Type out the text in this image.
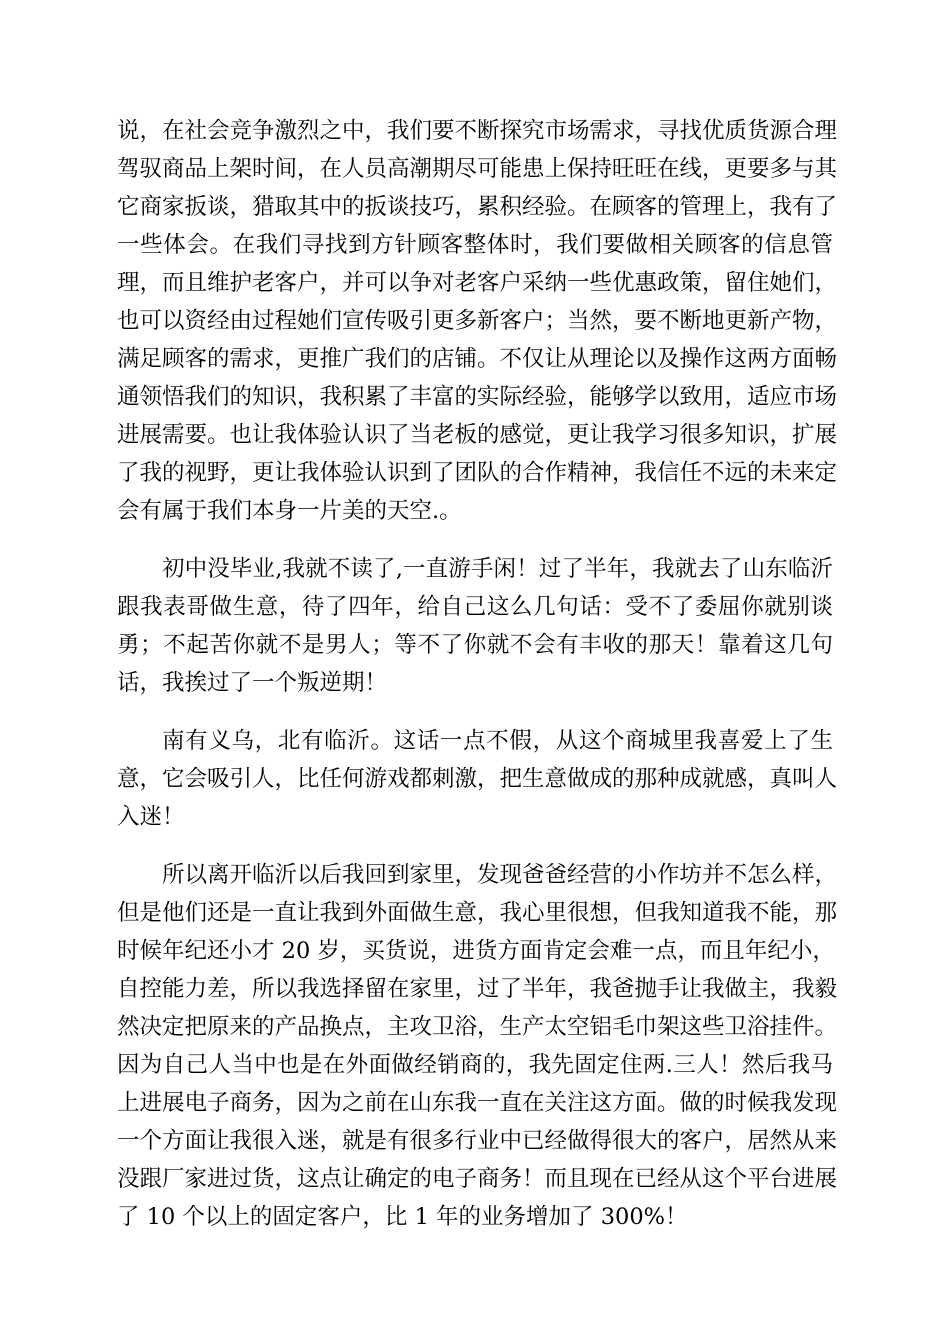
说，在社会竞争激烈之中，我们要不断探究市场需求，寻找优质货源合理
驾驭商品上架时间，在人员高潮期尽可能患上保持旺旺在线，更要多与其
它商家扳谈，猎取其中的扳谈技巧，累积经验。在顾客的管理上，我有了
一些体会。在我们寻找到方针顾客整体时，我们要做相关顾客的信息管
理，而且维护老客户，并可以争对老客户采纳一些优惠政策，留住她们，
也可以资经由过程她们宣传吸引更多新客户；当然，要不断地更新产物，
满足顾客的需求，更推广我们的店铺。不仅让从理论以及操作这两方面畅
通领悟我们的知识，我积累了丰富的实际经验，能够学以致用，适应市场
进展需要。也让我体验认识了当老板的感觉，更让我学习很多知识，扩展
了我的视野，更让我体验认识到了团队的合作精神，我信任不远的未来定
会有属于我们本身一片美的天空.。
初中没毕业,我就不读了,一直游手闲！过了半年，我就去了山东临沂
跟我表哥做生意，待了四年，给自己这么几句话：受不了委屈你就别谈
勇；不起苦你就不是男人；等不了你就不会有丰收的那天！靠着这几句
话，我挨过了一个叛逆期！
南有义乌，北有临沂。这话一点不假，从这个商城里我喜爱上了生
意，它会吸引人，比任何游戏都刺激，把生意做成的那种成就感，真叫人
入迷！
所以离开临沂以后我回到家里，发现爸爸经营的小作坊并不怎么样，
但是他们还是一直让我到外面做生意，我心里很想，但我知道我不能，那
时候年纪还小才 20 岁，买货说，进货方面肯定会难一点，而且年纪小，
自控能力差，所以我选择留在家里，过了半年，我爸抛手让我做主，我毅
然决定把原来的产品换点，主攻卫浴，生产太空铝毛巾架这些卫浴挂件。
因为自己人当中也是在外面做经销商的，我先固定住两.三人！然后我马
上进展电子商务，因为之前在山东我一直在关注这方面。做的时候我发现
一个方面让我很入迷，就是有很多行业中已经做得很大的客户，居然从来
没跟厂家进过货，这点让确定的电子商务！而且现在已经从这个平台进展
了 10 个以上的固定客户，比 1 年的业务增加了 300%！
